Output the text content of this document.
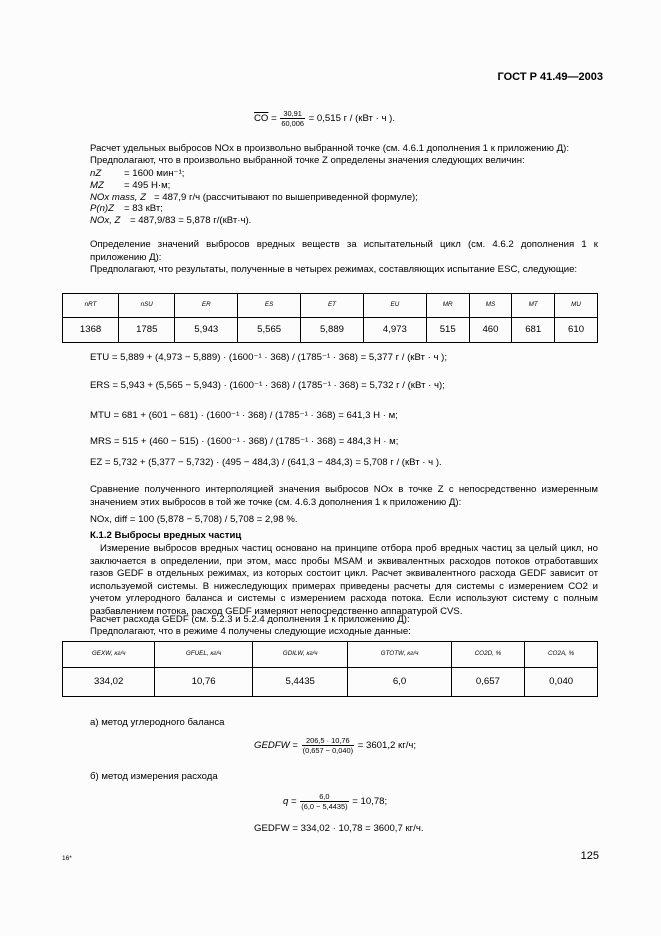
ГОСТ Р 41.49—2003
$\overline{CO} = \frac{30,91}{60,006} = 0,515$ г / (кВт · ч ).
Расчет удельных выбросов NOx в произвольно выбранной точке (см. 4.6.1 дополнения 1 к приложению Д):
Предполагают, что в произвольно выбранной точке Z определены значения следующих величин:
nZ = 1600 мин⁻¹;
MZ = 495 Н·м;
NOx mass, Z = 487,9 г/ч (рассчитывают по вышеприведенной формуле);
P(n)Z = 83 кВт;
NOx, Z = 487,9/83 = 5,878 г/(кВт·ч).
Определение значений выбросов вредных веществ за испытательный цикл (см. 4.6.2 дополнения 1 к приложению Д):
Предполагают, что результаты, полученные в четырех режимах, составляющих испытание ESC, следующие:
nRT	nSU	ER	ES	ET	EU	MR	MS	MT	MU
1368	1785	5,943	5,565	5,889	4,973	515	460	681	610
ETU = 5,889 + (4,973 − 5,889) · (1600⁻¹ · 368) / (1785⁻¹ · 368) = 5,377 г / (кВт · ч );
ERS = 5,943 + (5,565 − 5,943) · (1600⁻¹ · 368) / (1785⁻¹ · 368) = 5,732 г / (кВт · ч);
MTU = 681 + (601 − 681) · (1600⁻¹ · 368) / (1785⁻¹ · 368) = 641,3 Н · м;
MRS = 515 + (460 − 515) · (1600⁻¹ · 368) / (1785⁻¹ · 368) = 484,3 Н · м;
EZ = 5,732 + (5,377 − 5,732) · (495 − 484,3) / (641,3 − 484,3) = 5,708 г / (кВт · ч ).
Сравнение полученного интерполяцией значения выбросов NOx в точке Z с непосредственно измеренным значением этих выбросов в той же точке (см. 4.6.3 дополнения 1 к приложению Д):
NOx, diff = 100 (5,878 − 5,708) / 5,708 = 2,98 %.
К.1.2 Выбросы вредных частиц
Измерение выбросов вредных частиц основано на принципе отбора проб вредных частиц за целый цикл, но заключается в определении, при этом, масс пробы MSAM и эквивалентных расходов потоков отработавших газов GEDF в отдельных режимах, из которых состоит цикл. Расчет эквивалентного расхода GEDF зависит от используемой системы. В нижеследующих примерах приведены расчеты для системы с измерением CO2 и учетом углеродного баланса и системы с измерением расхода потока. Если используют систему с полным разбавлением потока, расход GEDF измеряют непосредственно аппаратурой CVS.
Расчет расхода GEDF (см. 5.2.3 и 5.2.4 дополнения 1 к приложению Д):
Предполагают, что в режиме 4 получены следующие исходные данные:
GEXW, кг/ч	GFUEL, кг/ч	GDILW, кг/ч	GTOTW, кг/ч	CO2D, %	CO2A, %
334,02	10,76	5,4435	6,0	0,657	0,040
а) метод углеродного баланса
GEDFW = $\frac{206,5 \cdot 10,76}{(0,657 - 0,040)} = 3601,2$ кг/ч;
б) метод измерения расхода
$q = \frac{6,0}{(6,0 - 5,4435)} = 10,78$;
GEDFW = 334,02 · 10,78 = 3600,7 кг/ч.
16*	125
